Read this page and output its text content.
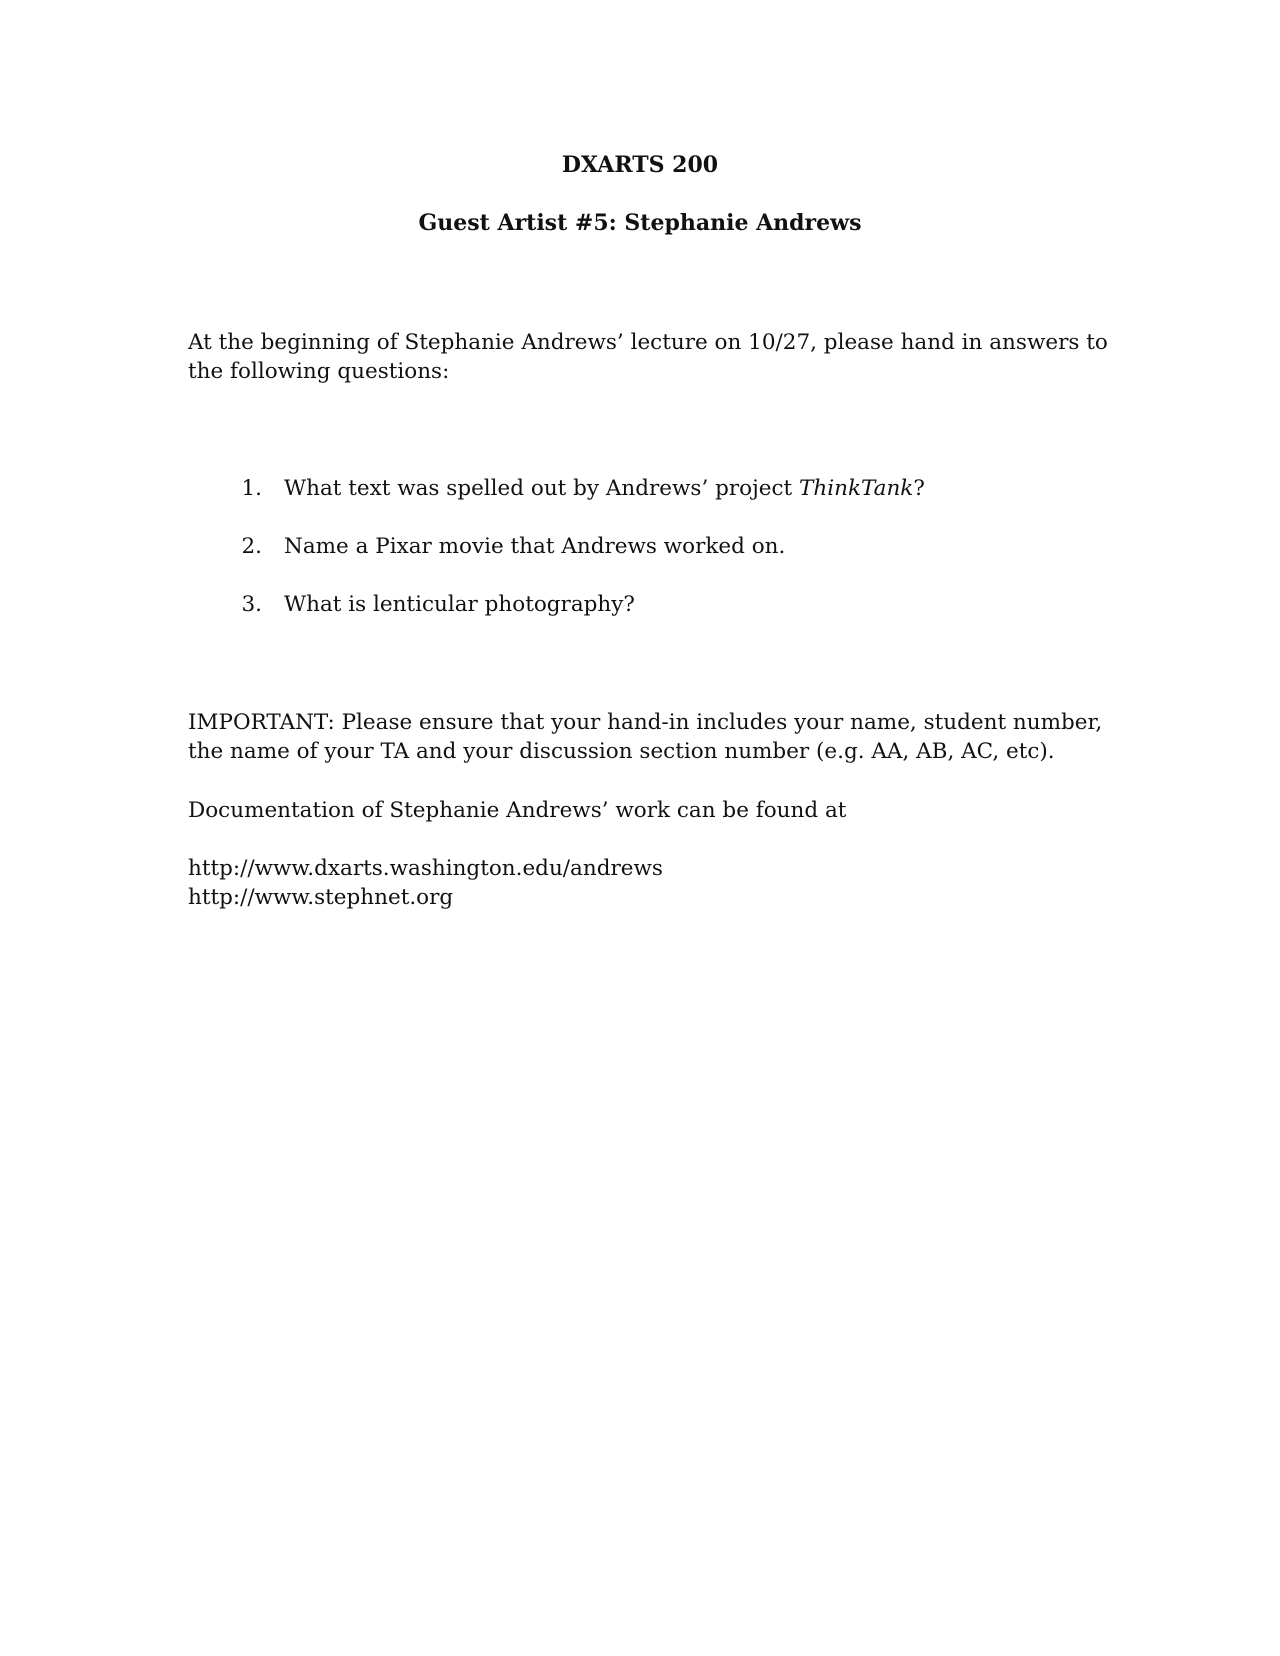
DXARTS 200
Guest Artist #5: Stephanie Andrews
At the beginning of Stephanie Andrews’ lecture on 10/27, please hand in answers to
the following questions:
1. What text was spelled out by Andrews’ project ThinkTank?
2. Name a Pixar movie that Andrews worked on.
3. What is lenticular photography?
IMPORTANT: Please ensure that your hand-in includes your name, student number,
the name of your TA and your discussion section number (e.g. AA, AB, AC, etc).
Documentation of Stephanie Andrews’ work can be found at
http://www.dxarts.washington.edu/andrews
http://www.stephnet.org
